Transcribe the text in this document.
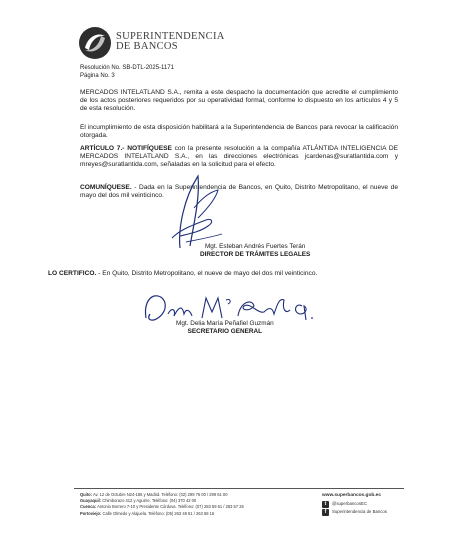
SUPERINTENDENCIA
DE BANCOS
Resolución No. SB-DTL-2025-1171
Página No. 3
MERCADOS INTELATLAND S.A., remita a este despacho la documentación que acredite el cumplimiento de los actos posteriores requeridos por su operatividad formal, conforme lo dispuesto en los artículos 4 y 5 de esta resolución.
El incumplimiento de esta disposición habilitará a la Superintendencia de Bancos para revocar la calificación otorgada.
ARTÍCULO 7.- NOTIFÍQUESE con la presente resolución a la compañía ATLÁNTIDA INTELIGENCIA DE MERCADOS INTELATLAND S.A., en las direcciones electrónicas jcardenas@suratlantida.com y mreyes@suratlantida.com, señaladas en la solicitud para el efecto.
COMUNÍQUESE. - Dada en la Superintendencia de Bancos, en Quito, Distrito Metropolitano, el nueve de mayo del dos mil veinticinco.
Mgt. Esteban Andrés Fuertes Terán
DIRECTOR DE TRÁMITES LEGALES
LO CERTIFICO. - En Quito, Distrito Metropolitano, el nueve de mayo del dos mil veinticinco.
Mgt. Delia María Peñafiel Guzmán
SECRETARIO GENERAL
Quito: Av. 12 de Octubre N24-185 y Madrid. Teléfono: (02) 299 76 00 / 299 61 00
Guayaquil: Chimborazo 412 y Aguirre. Teléfono: (04) 370 42 00
Cuenca: Antonio Borrero 7-10 y Presidente Córdova. Teléfono: (07) 283 59 61 / 283 57 26
Portoviejo: Calle Olmedo y Alajuela. Teléfono: (05) 263 49 51 / 263 58 16
www.superbancos.gob.ec
t	@superbancosEC
f	Superintendencia de Bancos
